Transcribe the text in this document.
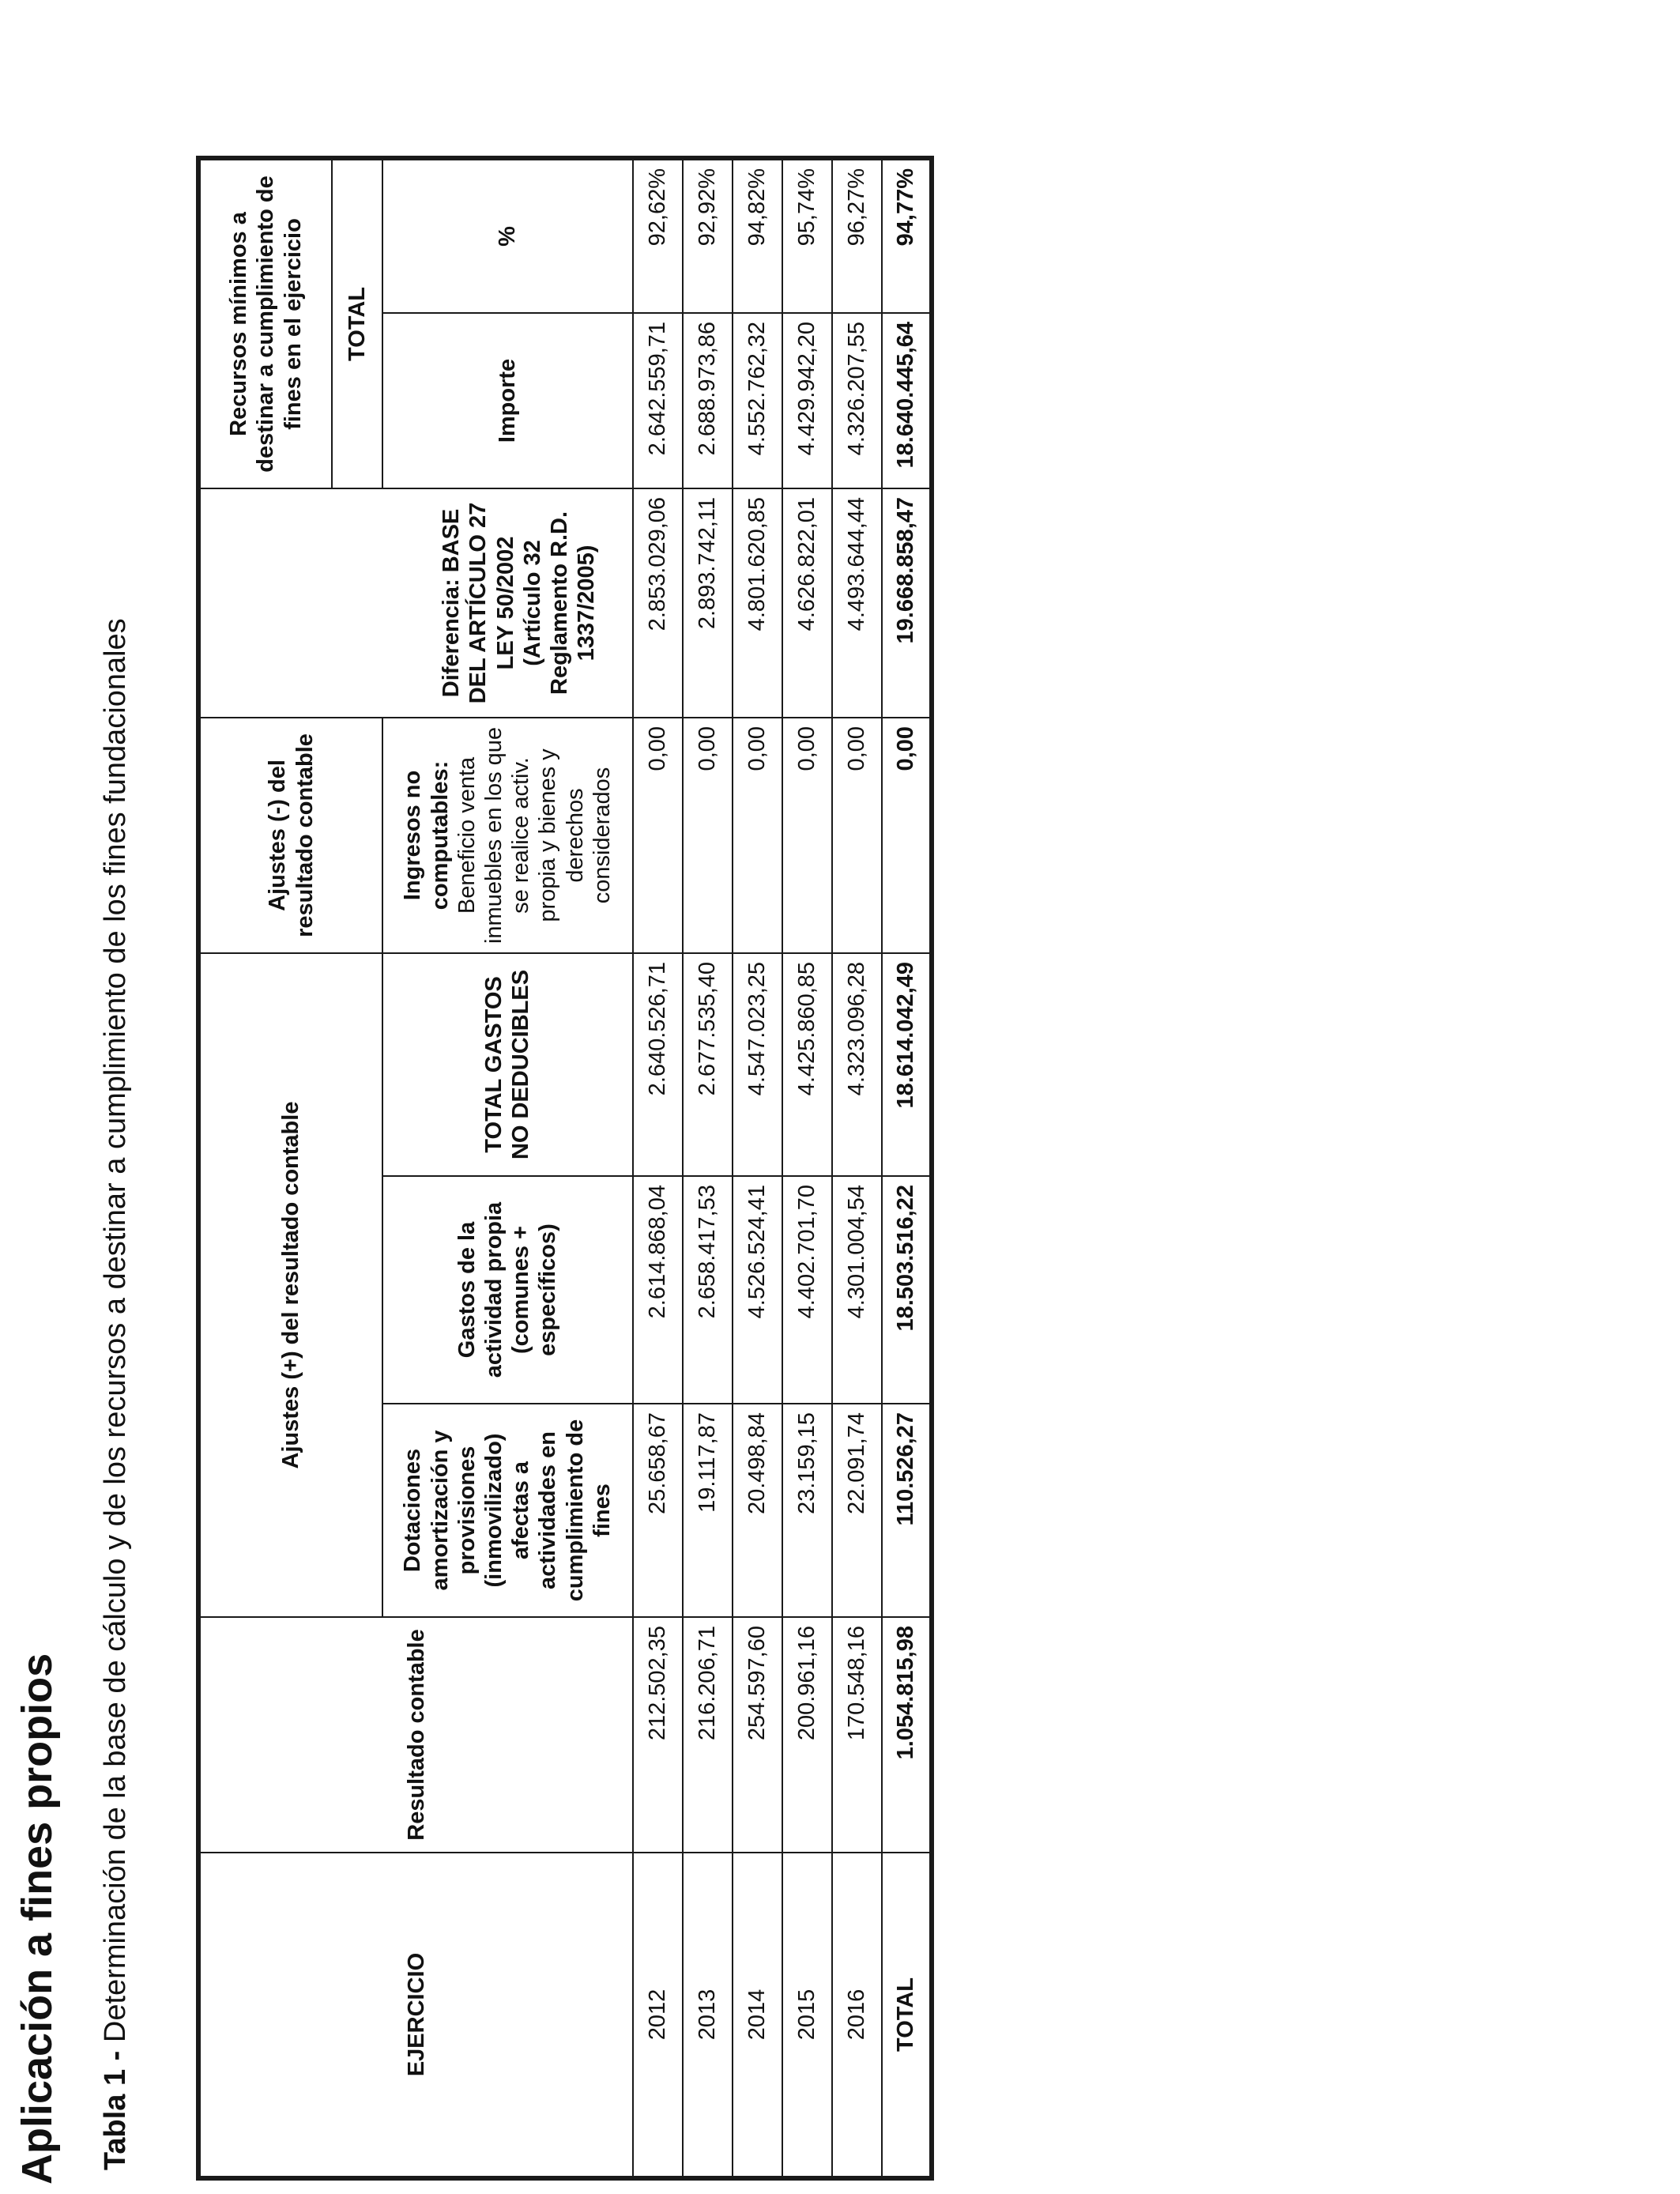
Aplicación a fines propios Tabla 1 - Determinación de la base de cálculo y de los recursos a destinar a cumplimiento de los fines fundacionales	EJERCICIO	Resultado contable	Ajustes (+) del resultado contable			Ajustes (-) del resultado contable	Diferencia: BASE DEL ARTÍCULO 27 LEY 50/2002 (Artículo 32 Reglamento R.D. 1337/2005)	Recursos mínimos a destinar a cumplimiento de fines en el ejercicio	
							TOTAL	
		Dotaciones amortización y provisiones (inmovilizado) afectas a actividades en cumplimiento de fines	Gastos de la actividad propia (comunes + específicos)	TOTAL GASTOS NO DEDUCIBLES	Ingresos no computables: Beneficio venta inmuebles en los que se realice activ. propia y bienes y derechos considerados		Importe	%
2012	212.502,35	25.658,67	2.614.868,04	2.640.526,71	0,00	2.853.029,06	2.642.559,71	92,62%
2013	216.206,71	19.117,87	2.658.417,53	2.677.535,40	0,00	2.893.742,11	2.688.973,86	92,92%
2014	254.597,60	20.498,84	4.526.524,41	4.547.023,25	0,00	4.801.620,85	4.552.762,32	94,82%
2015	200.961,16	23.159,15	4.402.701,70	4.425.860,85	0,00	4.626.822,01	4.429.942,20	95,74%
2016	170.548,16	22.091,74	4.301.004,54	4.323.096,28	0,00	4.493.644,44	4.326.207,55	96,27%
TOTAL	1.054.815,98	110.526,27	18.503.516,22	18.614.042,49	0,00	19.668.858,47	18.640.445,64	94,77%
